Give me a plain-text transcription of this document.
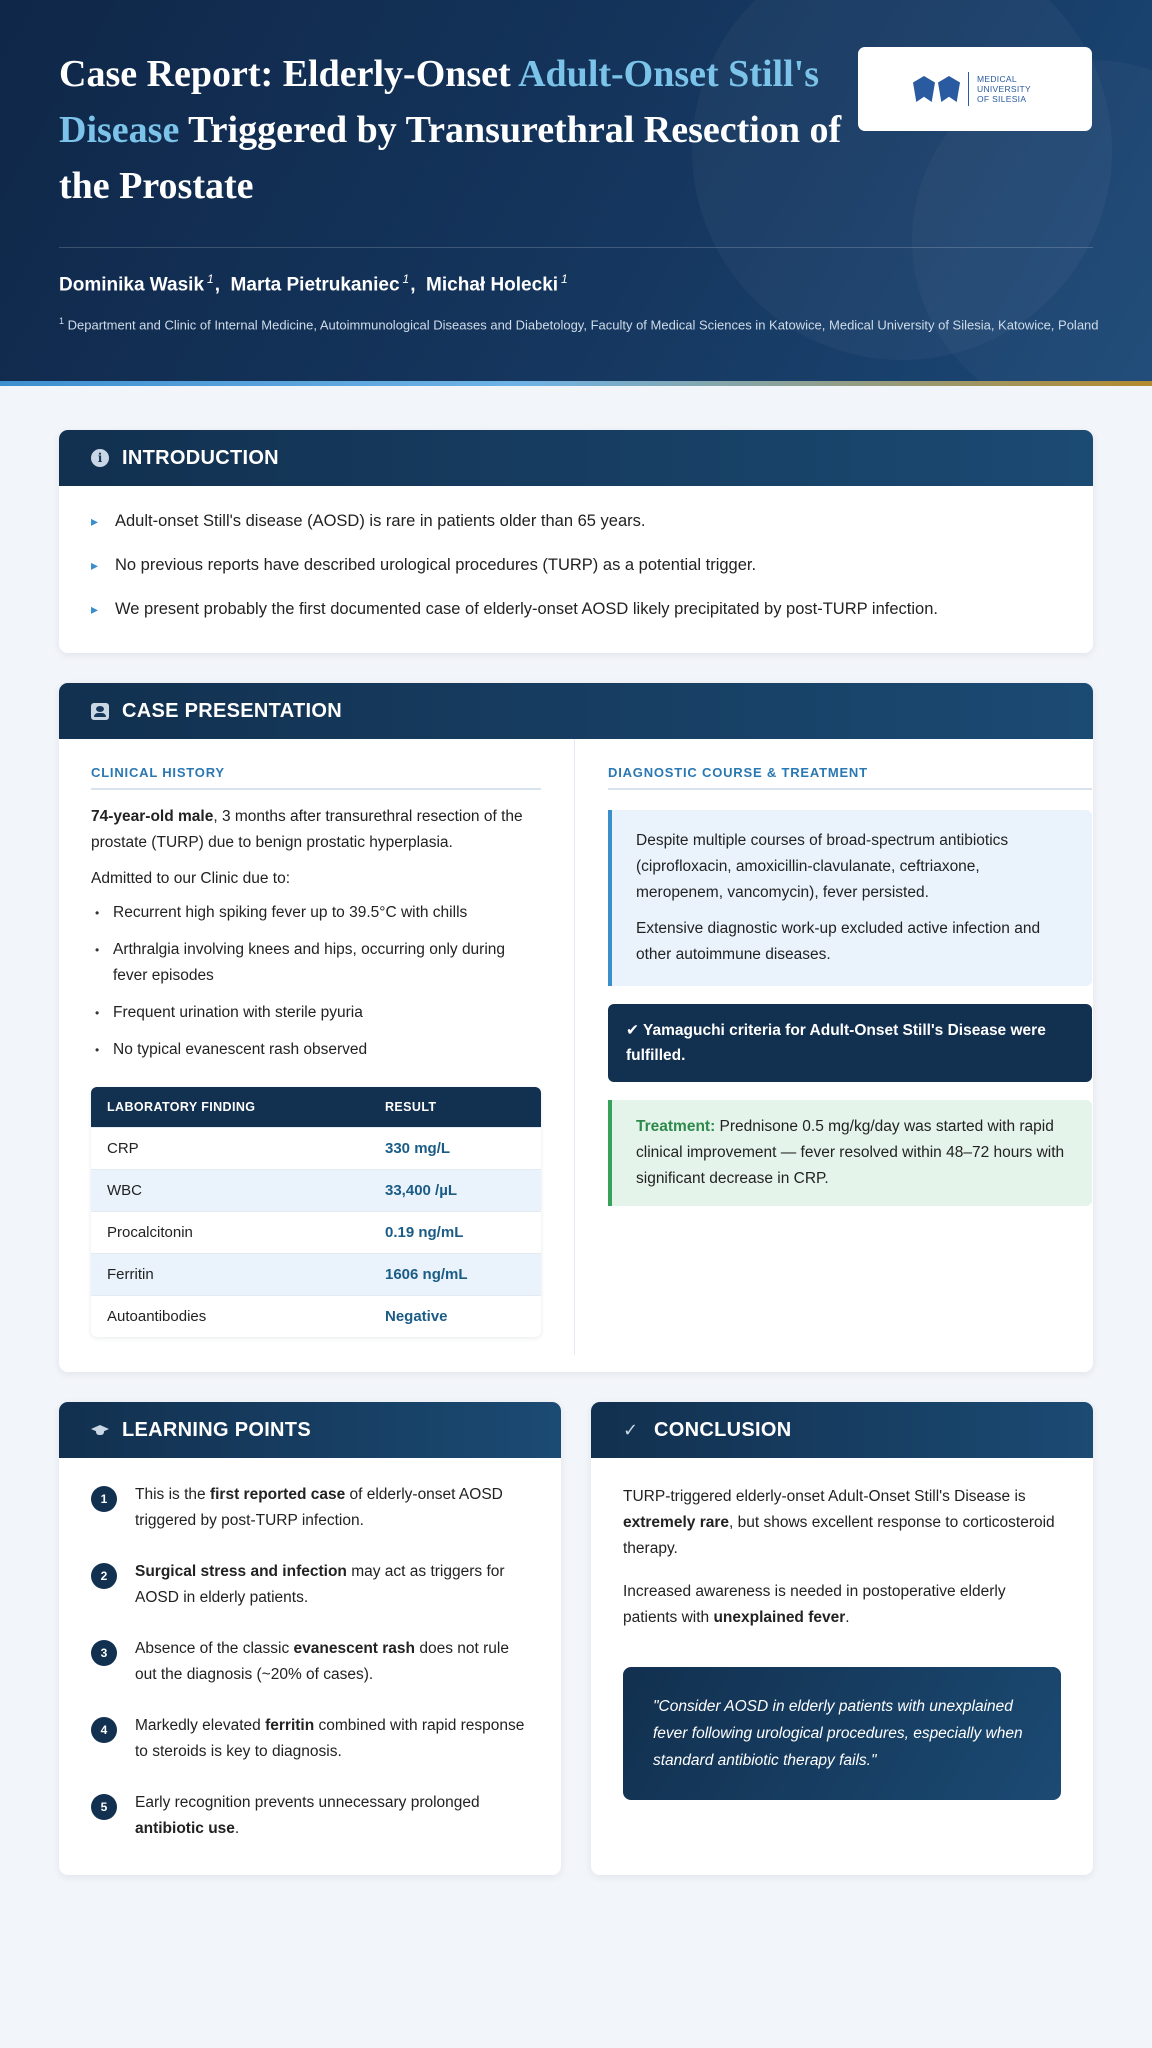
Case Report: Elderly-Onset Adult-Onset Still's Disease Triggered by Transurethral Resection of the Prostate
MEDICAL
UNIVERSITY
OF SILESIA
Dominika Wasik $^1$,  Marta Pietrukaniec $^1$,  Michał Holecki $^1$
$^1$ Department and Clinic of Internal Medicine, Autoimmunological Diseases and Diabetology, Faculty of Medical Sciences in Katowice, Medical University of Silesia, Katowice, Poland
i INTRODUCTION
▸ Adult-onset Still's disease (AOSD) is rare in patients older than 65 years.
▸ No previous reports have described urological procedures (TURP) as a potential trigger.
▸ We present probably the first documented case of elderly-onset AOSD likely precipitated by post-TURP infection.
CASE PRESENTATION
CLINICAL HISTORY

74-year-old male, 3 months after transurethral resection of the prostate (TURP) due to benign prostatic hyperplasia.

Admitted to our Clinic due to:

• Recurrent high spiking fever up to 39.5°C with chills
• Arthralgia involving knees and hips, occurring only during fever episodes
• Frequent urination with sterile pyuria
• No typical evanescent rash observed
LABORATORY FINDING	RESULT
CRP	330 mg/L
WBC	33,400 /µL
Procalcitonin	0.19 ng/mL
Ferritin	1606 ng/mL
Autoantibodies	Negative
DIAGNOSTIC COURSE & TREATMENT

Despite multiple courses of broad-spectrum antibiotics (ciprofloxacin, amoxicillin-clavulanate, ceftriaxone, meropenem, vancomycin), fever persisted.

Extensive diagnostic work-up excluded active infection and other autoimmune diseases.

✔ Yamaguchi criteria for Adult-Onset Still's Disease were fulfilled.
Treatment: Prednisone 0.5 mg/kg/day was started with rapid clinical improvement — fever resolved within 48–72 hours with significant decrease in CRP.
LEARNING POINTS
1	This is the first reported case of elderly-onset AOSD triggered by post-TURP infection.
2	Surgical stress and infection may act as triggers for AOSD in elderly patients.
3	Absence of the classic evanescent rash does not rule out the diagnosis (~20% of cases).
4	Markedly elevated ferritin combined with rapid response to steroids is key to diagnosis.
5	Early recognition prevents unnecessary prolonged antibiotic use.
✓ CONCLUSION

TURP-triggered elderly-onset Adult-Onset Still's Disease is extremely rare, but shows excellent response to corticosteroid therapy.

Increased awareness is needed in postoperative elderly patients with unexplained fever.

"Consider AOSD in elderly patients with unexplained fever following urological procedures, especially when standard antibiotic therapy fails."
